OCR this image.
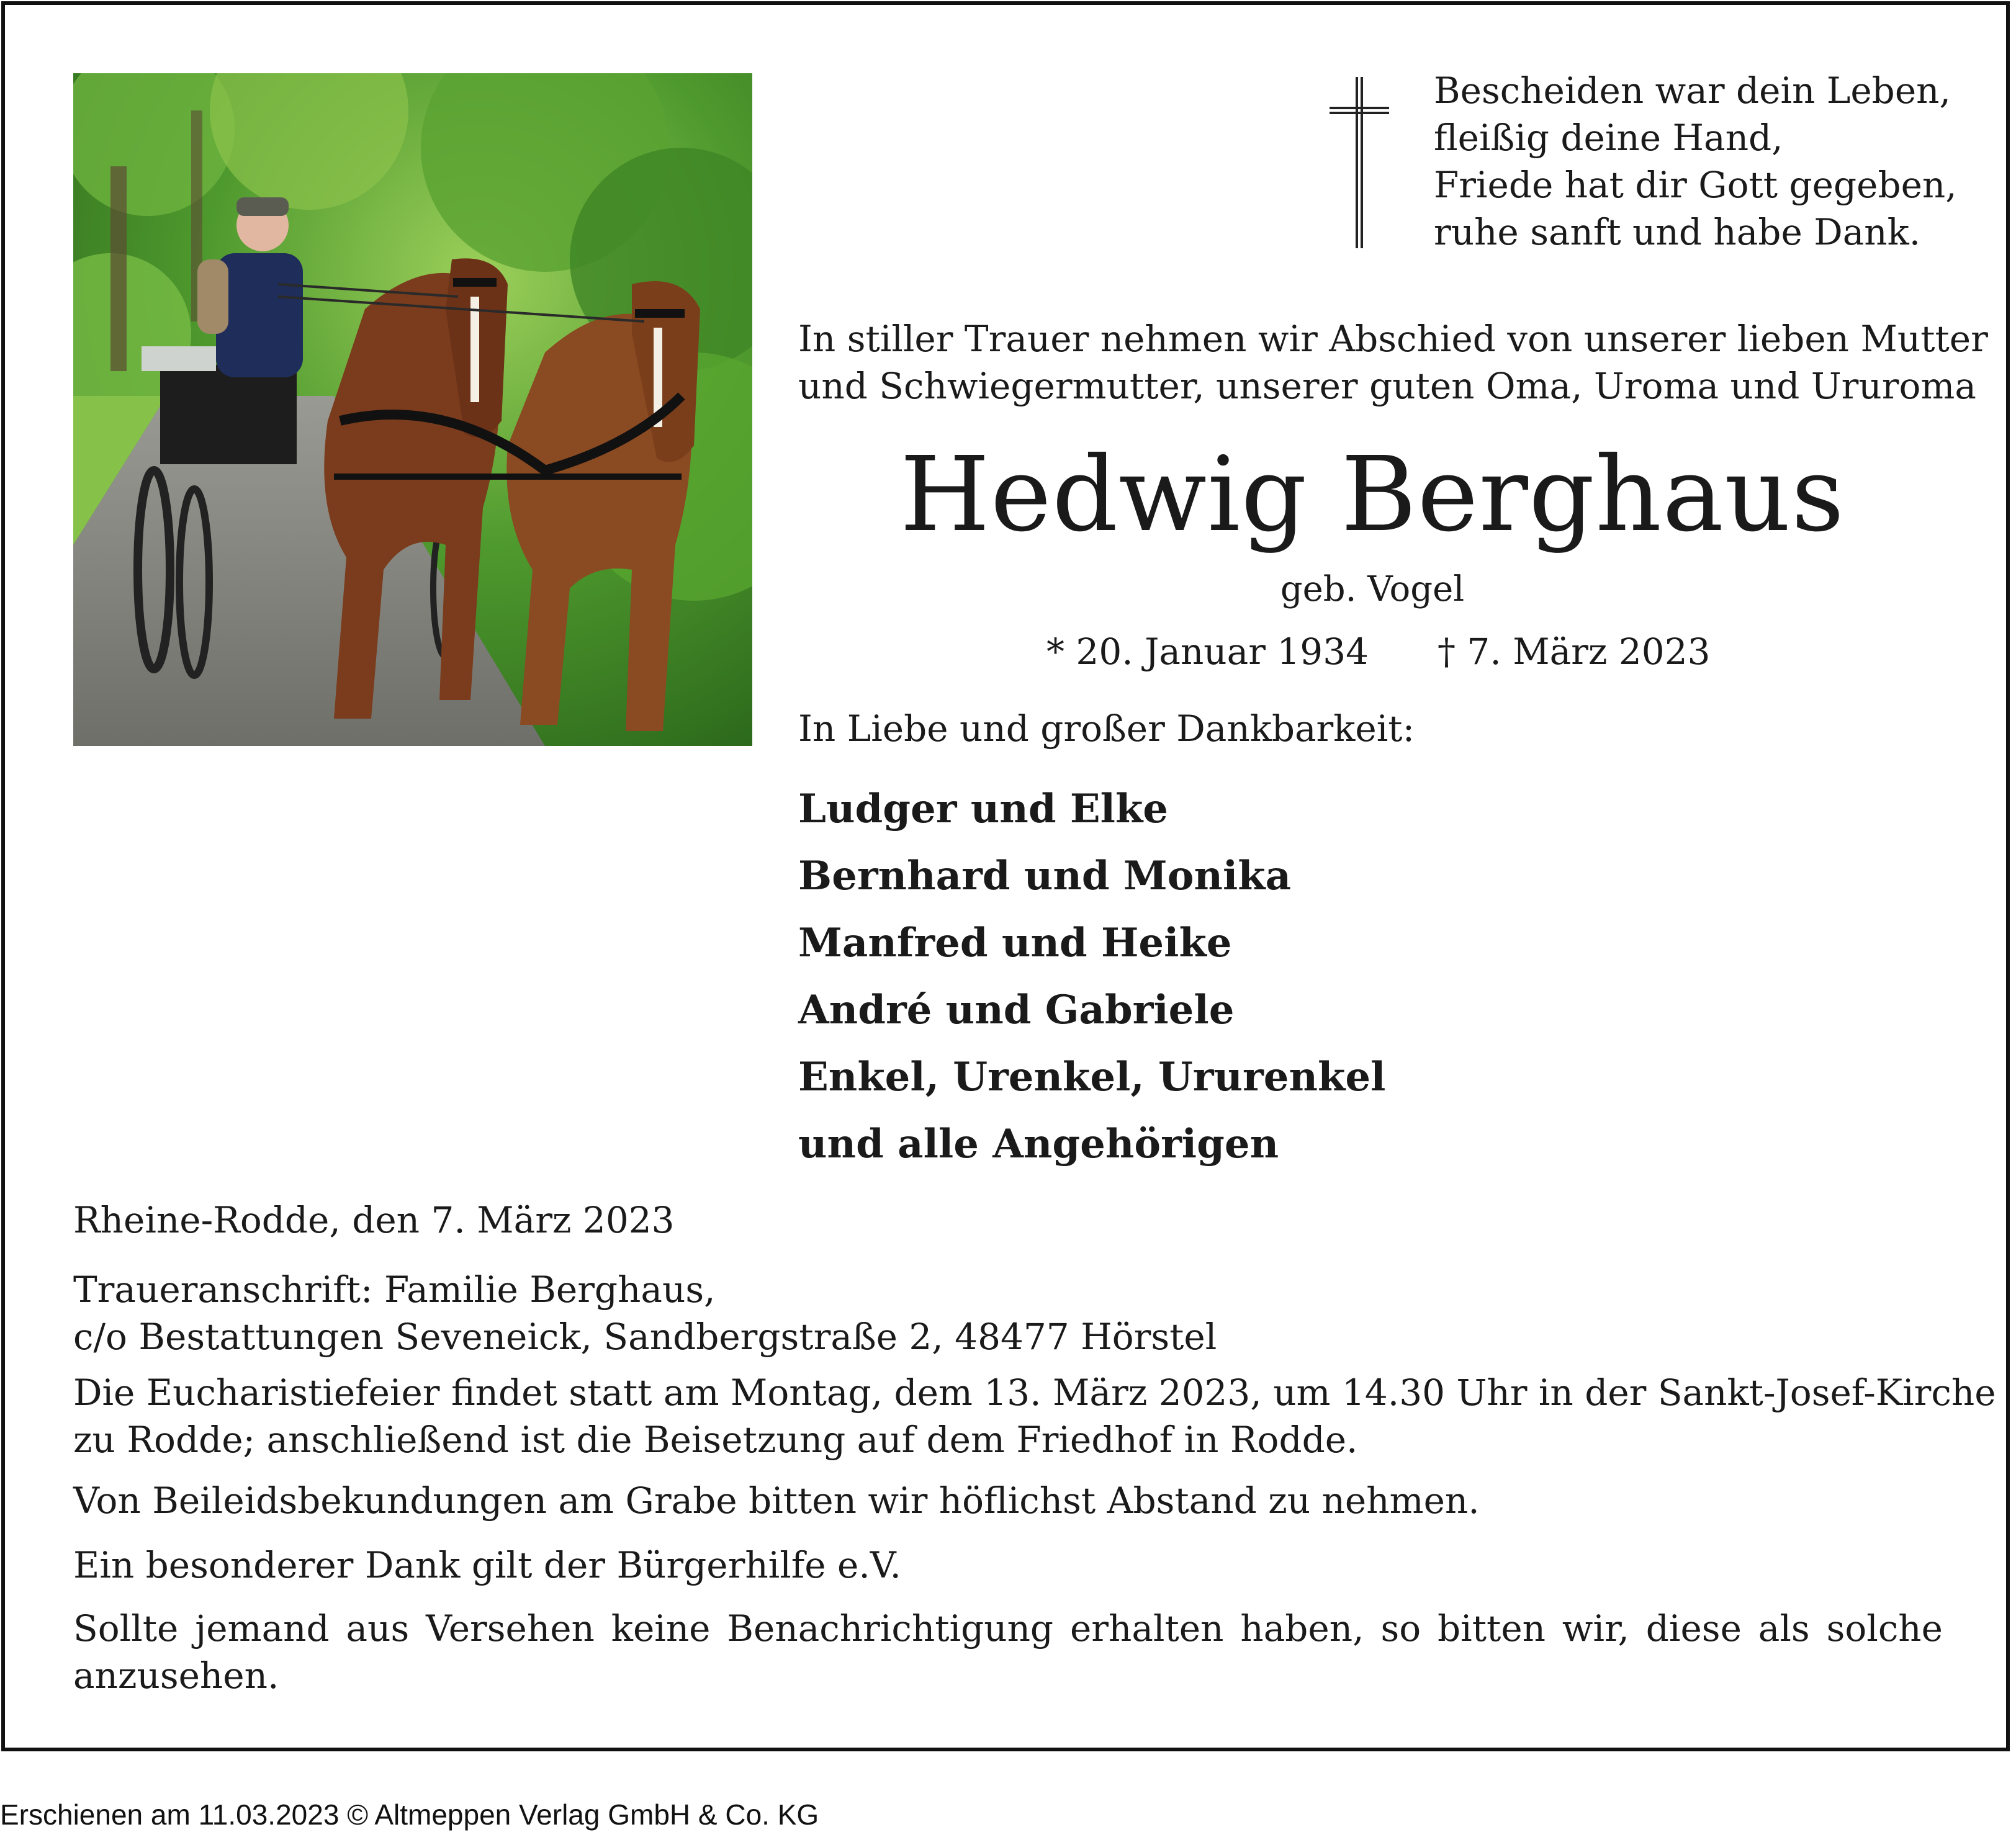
Bescheiden war dein Leben,
fleißig deine Hand,
Friede hat dir Gott gegeben,
ruhe sanft und habe Dank.
In stiller Trauer nehmen wir Abschied von unserer lieben Mutter
und Schwiegermutter, unserer guten Oma, Uroma und Ururoma
Hedwig Berghaus
geb. Vogel
* 20. Januar 1934 † 7. März 2023
In Liebe und großer Dankbarkeit:
Ludger und Elke
Bernhard und Monika
Manfred und Heike
André und Gabriele
Enkel, Urenkel, Ururenkel
und alle Angehörigen
Rheine-Rodde, den 7. März 2023
Traueranschrift: Familie Berghaus,
c/o Bestattungen Seveneick, Sandbergstraße 2, 48477 Hörstel
Die Eucharistiefeier findet statt am Montag, dem 13. März 2023, um 14.30 Uhr in der Sankt-Josef-Kirche
zu Rodde; anschließend ist die Beisetzung auf dem Friedhof in Rodde.
Von Beileidsbekundungen am Grabe bitten wir höflichst Abstand zu nehmen.
Ein besonderer Dank gilt der Bürgerhilfe e.V.
Sollte jemand aus Versehen keine Benachrichtigung erhalten haben, so bitten wir, diese als solche
anzusehen.
Erschienen am 11.03.2023 © Altmeppen Verlag GmbH & Co. KG
